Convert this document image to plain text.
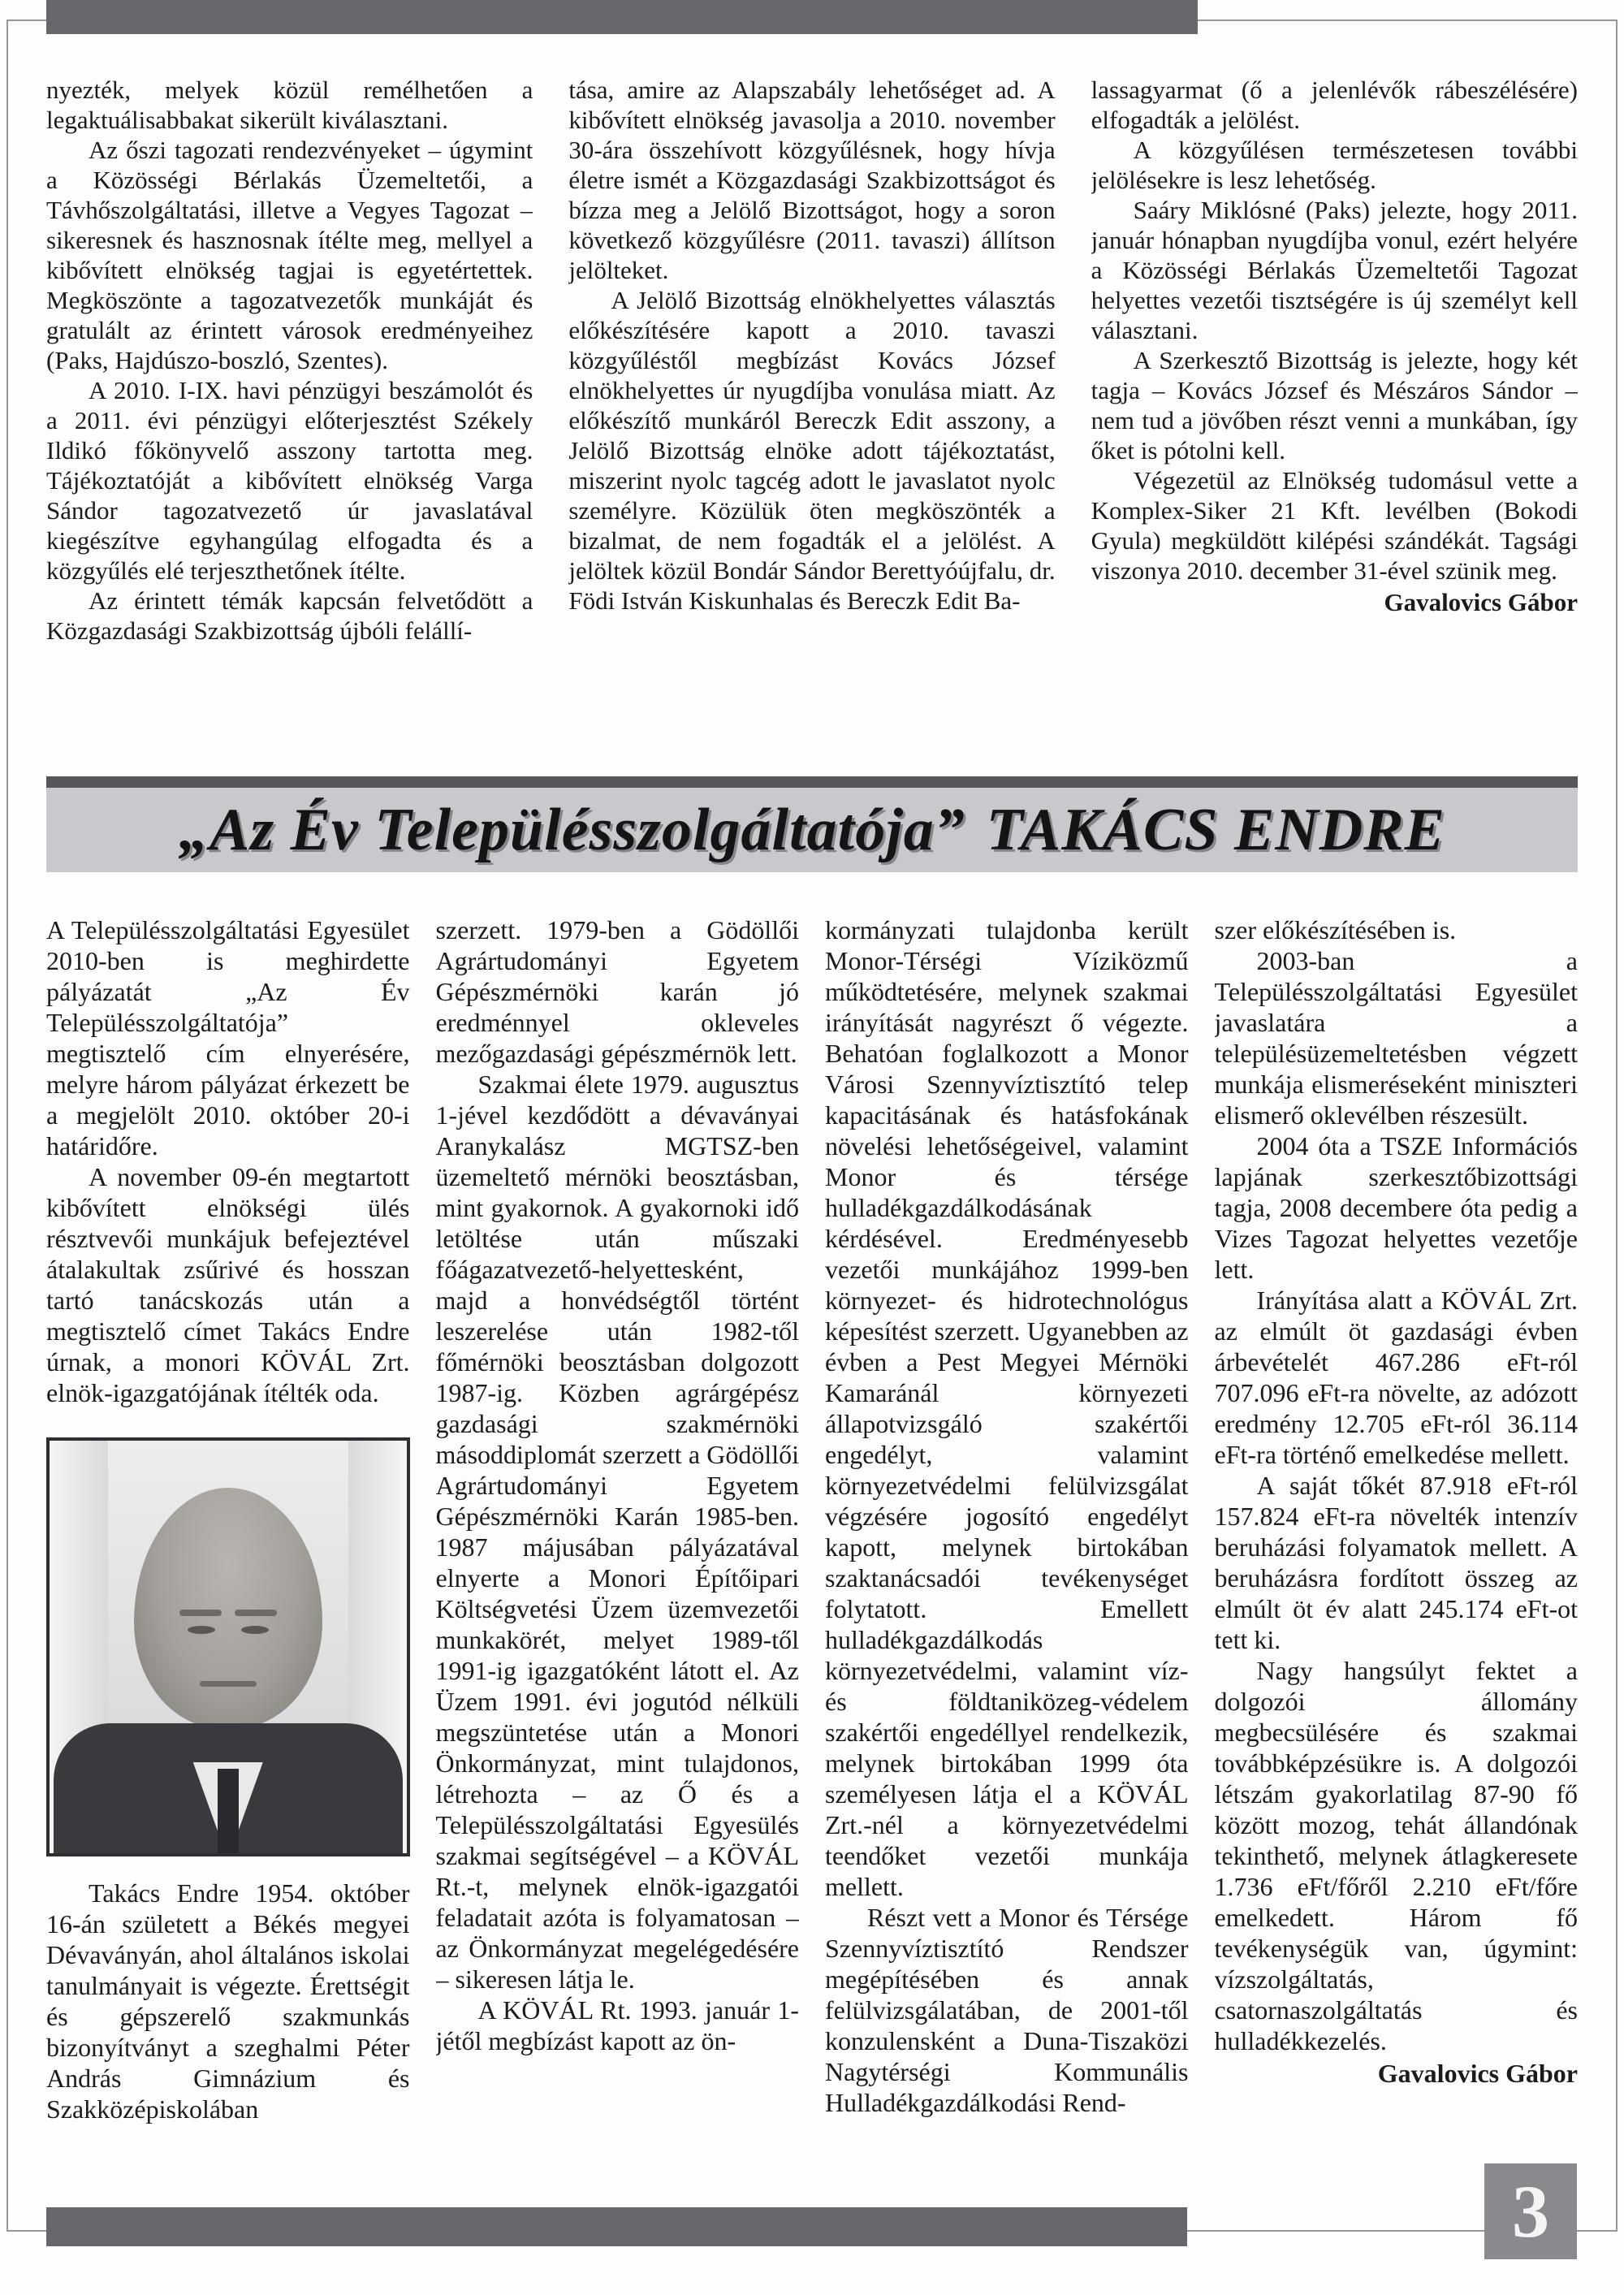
nyezték, melyek közül remélhetően a legaktuálisabbakat sikerült kiválasztani.

Az őszi tagozati rendezvényeket – úgymint a Közösségi Bérlakás Üzemeltetői, a Távhőszolgáltatási, illetve a Vegyes Tagozat – sikeresnek és hasznosnak ítélte meg, mellyel a kibővített elnökség tagjai is egyetértettek. Megköszönte a tagozatvezetők munkáját és gratulált az érintett városok eredményeihez (Paks, Hajdúszo-boszló, Szentes).

A 2010. I-IX. havi pénzügyi beszámolót és a 2011. évi pénzügyi előterjesztést Székely Ildikó főkönyvelő asszony tartotta meg. Tájékoztatóját a kibővített elnökség Varga Sándor tagozatvezető úr javaslatával kiegészítve egyhangúlag elfogadta és a közgyűlés elé terjeszthetőnek ítélte.

Az érintett témák kapcsán felvetődött a Közgazdasági Szakbizottság újbóli felállí-

tása, amire az Alapszabály lehetőséget ad. A kibővített elnökség javasolja a 2010. november 30-ára összehívott közgyűlésnek, hogy hívja életre ismét a Közgazdasági Szakbizottságot és bízza meg a Jelölő Bizottságot, hogy a soron következő közgyűlésre (2011. tavaszi) állítson jelölteket.

A Jelölő Bizottság elnökhelyettes választás előkészítésére kapott a 2010. tavaszi közgyűléstől megbízást Kovács József elnökhelyettes úr nyugdíjba vonulása miatt. Az előkészítő munkáról Bereczk Edit asszony, a Jelölő Bizottság elnöke adott tájékoztatást, miszerint nyolc tagcég adott le javaslatot nyolc személyre. Közülük öten megköszönték a bizalmat, de nem fogadták el a jelölést. A jelöltek közül Bondár Sándor Berettyóújfalu, dr. Födi István Kiskunhalas és Bereczk Edit Ba-

lassagyarmat (ő a jelenlévők rábeszélésére) elfogadták a jelölést.

A közgyűlésen természetesen további jelölésekre is lesz lehetőség.

Saáry Miklósné (Paks) jelezte, hogy 2011. január hónapban nyugdíjba vonul, ezért helyére a Közösségi Bérlakás Üzemeltetői Tagozat helyettes vezetői tisztségére is új személyt kell választani.

A Szerkesztő Bizottság is jelezte, hogy két tagja – Kovács József és Mészáros Sándor – nem tud a jövőben részt venni a munkában, így őket is pótolni kell.

Végezetül az Elnökség tudomásul vette a Komplex-Siker 21 Kft. levélben (Bokodi Gyula) megküldött kilépési szándékát. Tagsági viszonya 2010. december 31-ével szünik meg.

Gavalovics Gábor

„Az Év Településszolgáltatója” TAKÁCS ENDRE

A Településszolgáltatási Egyesület 2010-ben is meghirdette pályázatát „Az Év Településszolgáltatója” megtisztelő cím elnyerésére, melyre három pályázat érkezett be a megjelölt 2010. október 20-i határidőre.

A november 09-én megtartott kibővített elnökségi ülés résztvevői munkájuk befejeztével átalakultak zsűrivé és hosszan tartó tanácskozás után a megtisztelő címet Takács Endre úrnak, a monori KÖVÁL Zrt. elnök-igazgatójának ítélték oda.

Takács Endre 1954. október 16-án született a Békés megyei Dévaványán, ahol általános iskolai tanulmányait is végezte. Érettségit és gépszerelő szakmunkás bizonyítványt a szeghalmi Péter András Gimnázium és Szakközépiskolában

szerzett. 1979-ben a Gödöllői Agrártudományi Egyetem Gépészmérnöki karán jó eredménnyel okleveles mezőgazdasági gépészmérnök lett.

Szakmai élete 1979. augusztus 1-jével kezdődött a dévaványai Aranykalász MGTSZ-ben üzemeltető mérnöki beosztásban, mint gyakornok. A gyakornoki idő letöltése után műszaki főágazatvezető-helyettesként, majd a honvédségtől történt leszerelése után 1982-től főmérnöki beosztásban dolgozott 1987-ig. Közben agrárgépész gazdasági szakmérnöki másoddiplomát szerzett a Gödöllői Agrártudományi Egyetem Gépészmérnöki Karán 1985-ben. 1987 májusában pályázatával elnyerte a Monori Építőipari Költségvetési Üzem üzemvezetői munkakörét, melyet 1989-től 1991-ig igazgatóként látott el. Az Üzem 1991. évi jogutód nélküli megszüntetése után a Monori Önkormányzat, mint tulajdonos, létrehozta – az Ő és a Településszolgáltatási Egyesülés szakmai segítségével – a KÖVÁL Rt.-t, melynek elnök-igazgatói feladatait azóta is folyamatosan – az Önkormányzat megelégedésére – sikeresen látja le.

A KÖVÁL Rt. 1993. január 1-jétől megbízást kapott az ön-

kormányzati tulajdonba került Monor-Térségi Víziközmű működtetésére, melynek szakmai irányítását nagyrészt ő végezte. Behatóan foglalkozott a Monor Városi Szennyvíztisztító telep kapacitásának és hatásfokának növelési lehetőségeivel, valamint Monor és térsége hulladékgazdálkodásának kérdésével. Eredményesebb vezetői munkájához 1999-ben környezet- és hidrotechnológus képesítést szerzett. Ugyanebben az évben a Pest Megyei Mérnöki Kamaránál környezeti állapotvizsgáló szakértői engedélyt, valamint környezetvédelmi felülvizsgálat végzésére jogosító engedélyt kapott, melynek birtokában szaktanácsadói tevékenységet folytatott. Emellett hulladékgazdálkodás környezetvédelmi, valamint víz- és földtaniközeg-védelem szakértői engedéllyel rendelkezik, melynek birtokában 1999 óta személyesen látja el a KÖVÁL Zrt.-nél a környezetvédelmi teendőket vezetői munkája mellett.

Részt vett a Monor és Térsége Szennyvíztisztító Rendszer megépítésében és annak felülvizsgálatában, de 2001-től konzulensként a Duna-Tiszaközi Nagytérségi Kommunális Hulladékgazdálkodási Rend-

szer előkészítésében is.

2003-ban a Településszolgáltatási Egyesület javaslatára a településüzemeltetésben végzett munkája elismeréseként miniszteri elismerő oklevélben részesült.

2004 óta a TSZE Információs lapjának szerkesztőbizottsági tagja, 2008 decembere óta pedig a Vizes Tagozat helyettes vezetője lett.

Irányítása alatt a KÖVÁL Zrt. az elmúlt öt gazdasági évben árbevételét 467.286 eFt-ról 707.096 eFt-ra növelte, az adózott eredmény 12.705 eFt-ról 36.114 eFt-ra történő emelkedése mellett.

A saját tőkét 87.918 eFt-ról 157.824 eFt-ra növelték intenzív beruházási folyamatok mellett. A beruházásra fordított összeg az elmúlt öt év alatt 245.174 eFt-ot tett ki.

Nagy hangsúlyt fektet a dolgozói állomány megbecsülésére és szakmai továbbképzésükre is. A dolgozói létszám gyakorlatilag 87-90 fő között mozog, tehát állandónak tekinthető, melynek átlagkeresete 1.736 eFt/főről 2.210 eFt/főre emelkedett. Három fő tevékenységük van, úgymint: vízszolgáltatás, csatornaszolgáltatás és hulladékkezelés.

Gavalovics Gábor

3
